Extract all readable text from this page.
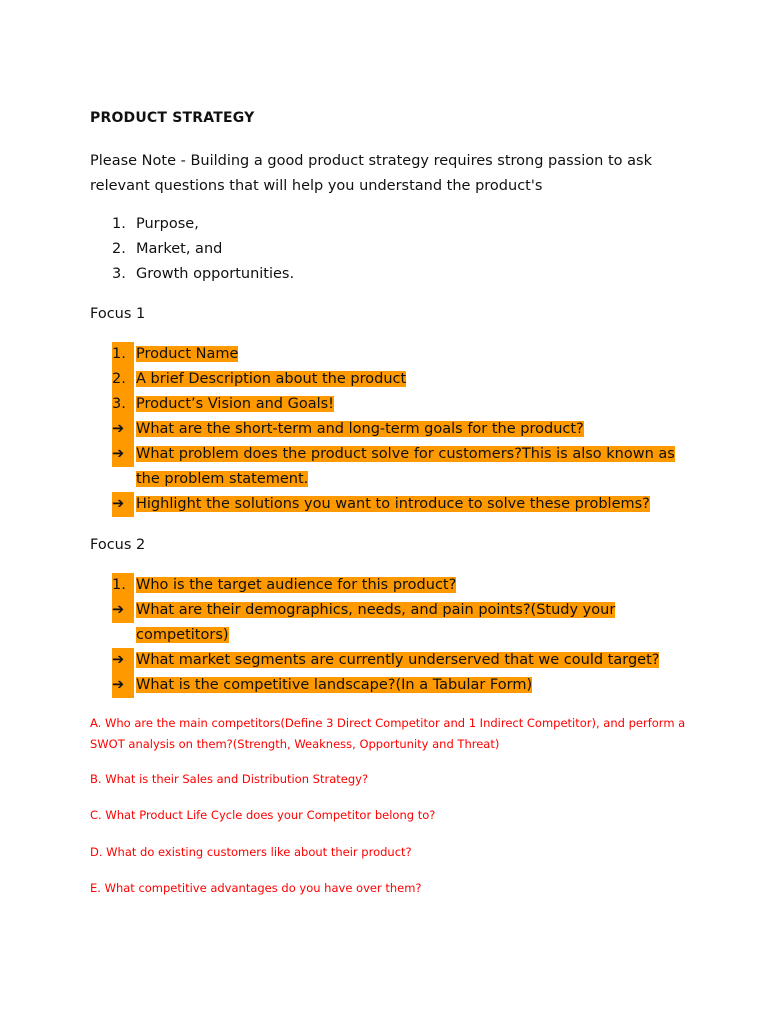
PRODUCT STRATEGY
Please Note - Building a good product strategy requires strong passion to ask relevant questions that will help you understand the product's
1. Purpose,
2. Market, and
3. Growth opportunities.
Focus 1
1. Product Name
2. A brief Description about the product
3. Product’s Vision and Goals!
➔ What are the short-term and long-term goals for the product?
➔ What problem does the product solve for customers?This is also known as
the problem statement.
➔ Highlight the solutions you want to introduce to solve these problems?
Focus 2
1. Who is the target audience for this product?
➔ What are their demographics, needs, and pain points?(Study your
competitors)
➔ What market segments are currently underserved that we could target?
➔ What is the competitive landscape?(In a Tabular Form)
A. Who are the main competitors(Define 3 Direct Competitor and 1 Indirect Competitor), and perform a SWOT analysis on them?(Strength, Weakness, Opportunity and Threat)
B. What is their Sales and Distribution Strategy?
C. What Product Life Cycle does your Competitor belong to?
D. What do existing customers like about their product?
E. What competitive advantages do you have over them?
